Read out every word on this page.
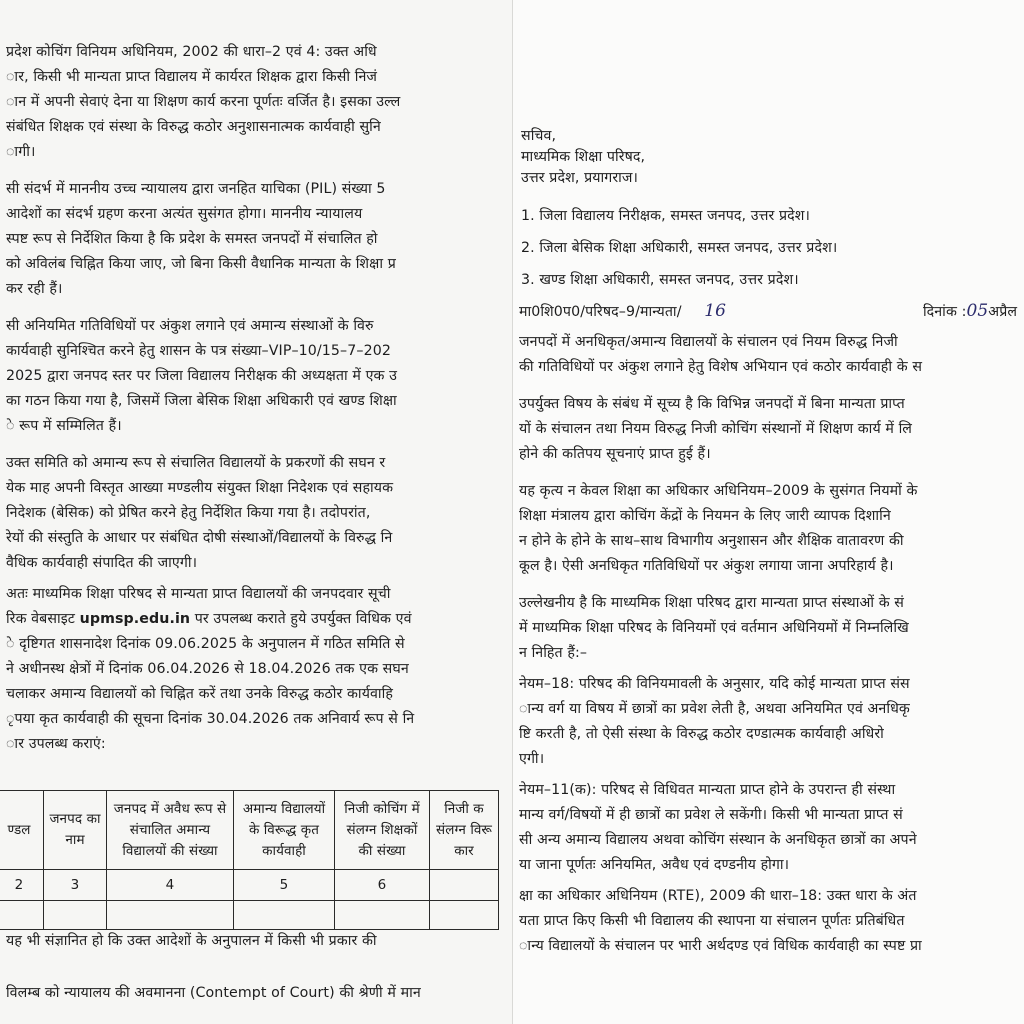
प्रदेश कोचिंग विनियम अधिनियम, 2002 की धारा–2 एवं 4: उक्त अधि
ार, किसी भी मान्यता प्राप्त विद्यालय में कार्यरत शिक्षक द्वारा किसी निजं
ान में अपनी सेवाएं देना या शिक्षण कार्य करना पूर्णतः वर्जित है। इसका उल्ल
संबंधित शिक्षक एवं संस्था के विरुद्ध कठोर अनुशासनात्मक कार्यवाही सुनि
ागी।
सी संदर्भ में माननीय उच्च न्यायालय द्वारा जनहित याचिका (PIL) संख्या 5
आदेशों का संदर्भ ग्रहण करना अत्यंत सुसंगत होगा। माननीय न्यायालय
स्पष्ट रूप से निर्देशित किया है कि प्रदेश के समस्त जनपदों में संचालित हो
को अविलंब चिह्नित किया जाए, जो बिना किसी वैधानिक मान्यता के शिक्षा प्र
कर रही हैं।
सी अनियमित गतिविधियों पर अंकुश लगाने एवं अमान्य संस्थाओं के विरु
कार्यवाही सुनिश्चित करने हेतु शासन के पत्र संख्या–VIP–10/15–7–202
2025 द्वारा जनपद स्तर पर जिला विद्यालय निरीक्षक की अध्यक्षता में एक उ
का गठन किया गया है, जिसमें जिला बेसिक शिक्षा अधिकारी एवं खण्ड शिक्षा
े रूप में सम्मिलित हैं।
उक्त समिति को अमान्य रूप से संचालित विद्यालयों के प्रकरणों की सघन र
येक माह अपनी विस्तृत आख्या मण्डलीय संयुक्त शिक्षा निदेशक एवं सहायक
निदेशक (बेसिक) को प्रेषित करने हेतु निर्देशित किया गया है। तदोपरांत,
रेयों की संस्तुति के आधार पर संबंधित दोषी संस्थाओं/विद्यालयों के विरुद्ध नि
वैधिक कार्यवाही संपादित की जाएगी।
अतः माध्यमिक शिक्षा परिषद से मान्यता प्राप्त विद्यालयों की जनपदवार सूची
रिक वेबसाइट upmsp.edu.in पर उपलब्ध कराते हुये उपर्युक्त विधिक एवं
े दृष्टिगत शासनादेश दिनांक 09.06.2025 के अनुपालन में गठित समिति से
ने अधीनस्थ क्षेत्रों में दिनांक 06.04.2026 से 18.04.2026 तक एक सघन
चलाकर अमान्य विद्यालयों को चिह्नित करें तथा उनके विरुद्ध कठोर कार्यवाहि
ृपया कृत कार्यवाही की सूचना दिनांक 30.04.2026 तक अनिवार्य रूप से नि
ार उपलब्ध कराएं:
ण्डल	जनपद का नाम	जनपद में अवैध रूप से संचालित अमान्य विद्यालयों की संख्या	अमान्य विद्यालयों के विरूद्ध कृत कार्यवाही	निजी कोचिंग में संलग्न शिक्षकों की संख्या	निजी क संलग्न विरू कार
2	3	4	5	6	

यह भी संज्ञानित हो कि उक्त आदेशों के अनुपालन में किसी भी प्रकार की
विलम्ब को न्यायालय की अवमानना (Contempt of Court) की श्रेणी में मान
सचिव,
माध्यमिक शिक्षा परिषद,
उत्तर प्रदेश, प्रयागराज।
1. जिला विद्यालय निरीक्षक, समस्त जनपद, उत्तर प्रदेश।
2. जिला बेसिक शिक्षा अधिकारी, समस्त जनपद, उत्तर प्रदेश।
3. खण्ड शिक्षा अधिकारी, समस्त जनपद, उत्तर प्रदेश।
मा0शि0प0/परिषद–9/मान्यता/ 16	दिनांक :05अप्रैल
जनपदों में अनधिकृत/अमान्य विद्यालयों के संचालन एवं नियम विरुद्ध निजी
की गतिविधियों पर अंकुश लगाने हेतु विशेष अभियान एवं कठोर कार्यवाही के स
उपर्युक्त विषय के संबंध में सूच्य है कि विभिन्न जनपदों में बिना मान्यता प्राप्त
यों के संचालन तथा नियम विरुद्ध निजी कोचिंग संस्थानों में शिक्षण कार्य में लि
होने की कतिपय सूचनाएं प्राप्त हुई हैं।
यह कृत्य न केवल शिक्षा का अधिकार अधिनियम–2009 के सुसंगत नियमों के
शिक्षा मंत्रालय द्वारा कोचिंग केंद्रों के नियमन के लिए जारी व्यापक दिशानि
न होने के होने के साथ–साथ विभागीय अनुशासन और शैक्षिक वातावरण की
कूल है। ऐसी अनधिकृत गतिविधियों पर अंकुश लगाया जाना अपरिहार्य है।
उल्लेखनीय है कि माध्यमिक शिक्षा परिषद द्वारा मान्यता प्राप्त संस्थाओं के सं
में माध्यमिक शिक्षा परिषद के विनियमों एवं वर्तमान अधिनियमों में निम्नलिखि
न निहित हैं:–
नेयम–18: परिषद की विनियमावली के अनुसार, यदि कोई मान्यता प्राप्त संस
ान्य वर्ग या विषय में छात्रों का प्रवेश लेती है, अथवा अनियमित एवं अनधिकृ
ष्टि करती है, तो ऐसी संस्था के विरुद्ध कठोर दण्डात्मक कार्यवाही अधिरो
एगी।
नेयम–11(क): परिषद से विधिवत मान्यता प्राप्त होने के उपरान्त ही संस्था
मान्य वर्ग/विषयों में ही छात्रों का प्रवेश ले सकेंगी। किसी भी मान्यता प्राप्त सं
सी अन्य अमान्य विद्यालय अथवा कोचिंग संस्थान के अनधिकृत छात्रों का अपने
या जाना पूर्णतः अनियमित, अवैध एवं दण्डनीय होगा।
क्षा का अधिकार अधिनियम (RTE), 2009 की धारा–18: उक्त धारा के अंत
यता प्राप्त किए किसी भी विद्यालय की स्थापना या संचालन पूर्णतः प्रतिबंधित
ान्य विद्यालयों के संचालन पर भारी अर्थदण्ड एवं विधिक कार्यवाही का स्पष्ट प्रा
